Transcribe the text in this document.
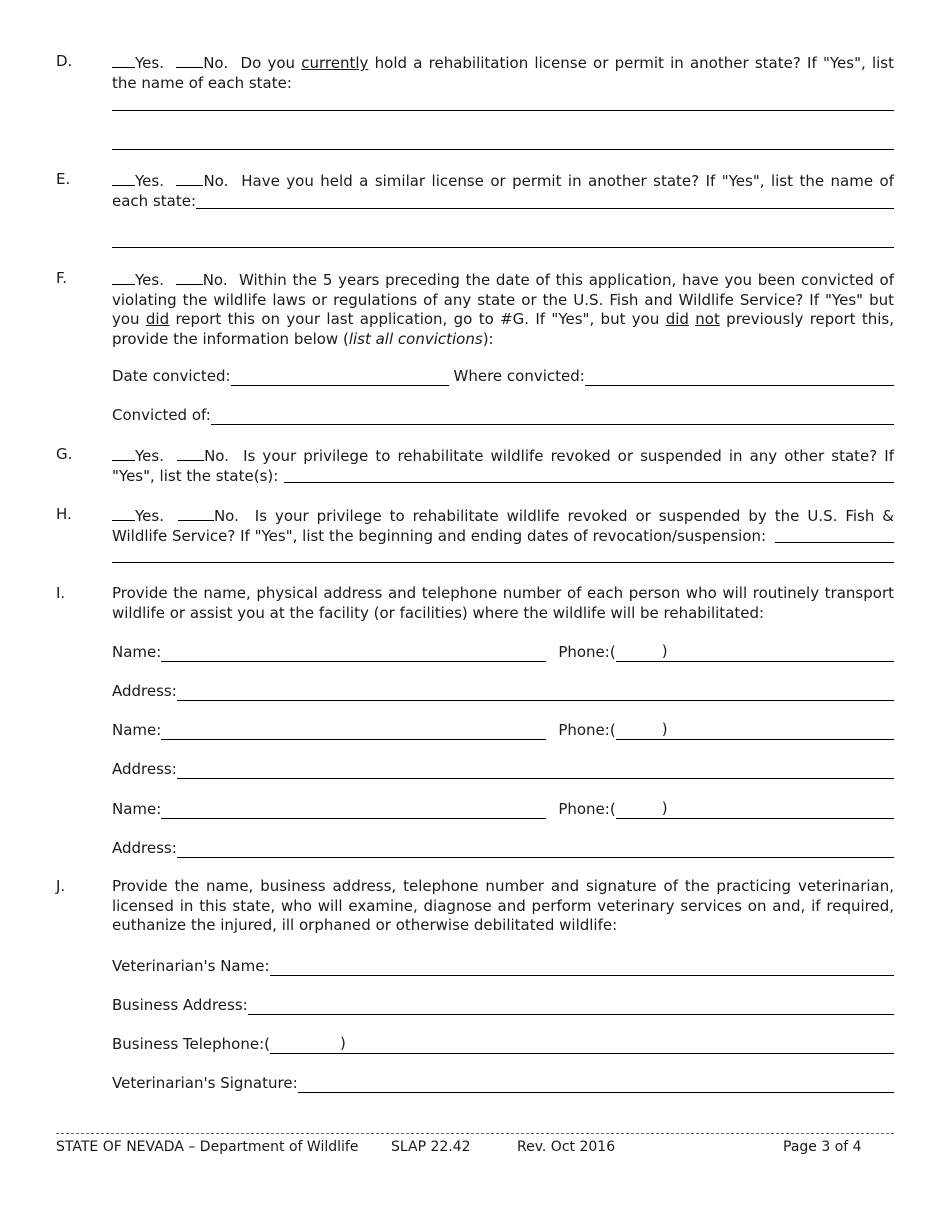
D.	Yes.	No. Do you currently hold a rehabilitation license or permit in another state? If "Yes", list the name of each state:
E.	Yes.	No. Have you held a similar license or permit in another state? If "Yes", list the name of each state:
F.	Yes.	No. Within the 5 years preceding the date of this application, have you been convicted of violating the wildlife laws or regulations of any state or the U.S. Fish and Wildlife Service? If "Yes" but you did report this on your last application, go to #G. If "Yes", but you did not previously report this, provide the information below (list all convictions):
Date convicted:	Where convicted:
Convicted of:
G.	Yes.	No. Is your privilege to rehabilitate wildlife revoked or suspended in any other state? If "Yes", list the state(s):
H.	Yes.	No. Is your privilege to rehabilitate wildlife revoked or suspended by the U.S. Fish & Wildlife Service? If "Yes", list the beginning and ending dates of revocation/suspension:
I.	Provide the name, physical address and telephone number of each person who will routinely transport wildlife or assist you at the facility (or facilities) where the wildlife will be rehabilitated:
Name:	Phone:(	)
Address:
Name:	Phone:(	)
Address:
Name:	Phone:(	)
Address:
J.	Provide the name, business address, telephone number and signature of the practicing veterinarian, licensed in this state, who will examine, diagnose and perform veterinary services on and, if required, euthanize the injured, ill orphaned or otherwise debilitated wildlife:
Veterinarian's Name:
Business Address:
Business Telephone:(	)
Veterinarian's Signature:
STATE OF NEVADA – Department of Wildlife SLAP 22.42	Rev. Oct 2016	Page 3 of 4
